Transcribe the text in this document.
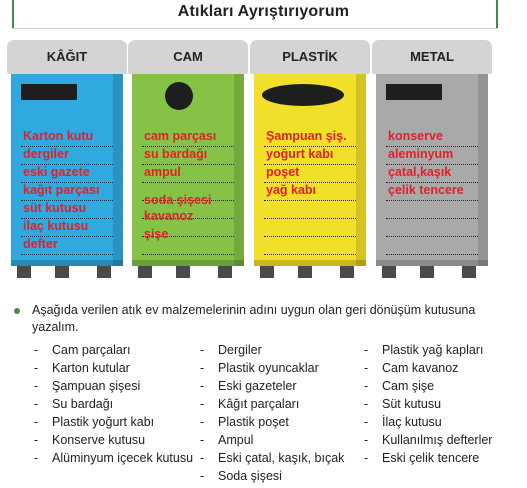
Atıkları Ayrıştırıyorum
KÂĞIT
Karton kutu
dergiler
eski gazete
kağıt parçası
süt kutusu
ilaç kutusu
defter
CAM
cam parçası
su bardağı
ampul
soda şişesi
kavanoz
şişe
PLASTİK
Şampuan şiş.
yoğurt kabı
poşet
yağ kabı
METAL
konserve
aleminyum
çatal,kaşık
çelik tencere
Aşağıda verilen atık ev malzemelerinin adını uygun olan geri dönüşüm kutusuna yazalım.
- Cam parçaları
- Karton kutular
- Şampuan şişesi
- Su bardağı
- Plastik yoğurt kabı
- Konserve kutusu
- Alüminyum içecek kutusu
- Dergiler
- Plastik oyuncaklar
- Eski gazeteler
- Kâğıt parçaları
- Plastik poşet
- Ampul
- Eski çatal, kaşık, bıçak
- Soda şişesi
- Plastik yağ kapları
- Cam kavanoz
- Cam şişe
- Süt kutusu
- İlaç kutusu
- Kullanılmış defterler
- Eski çelik tencere
